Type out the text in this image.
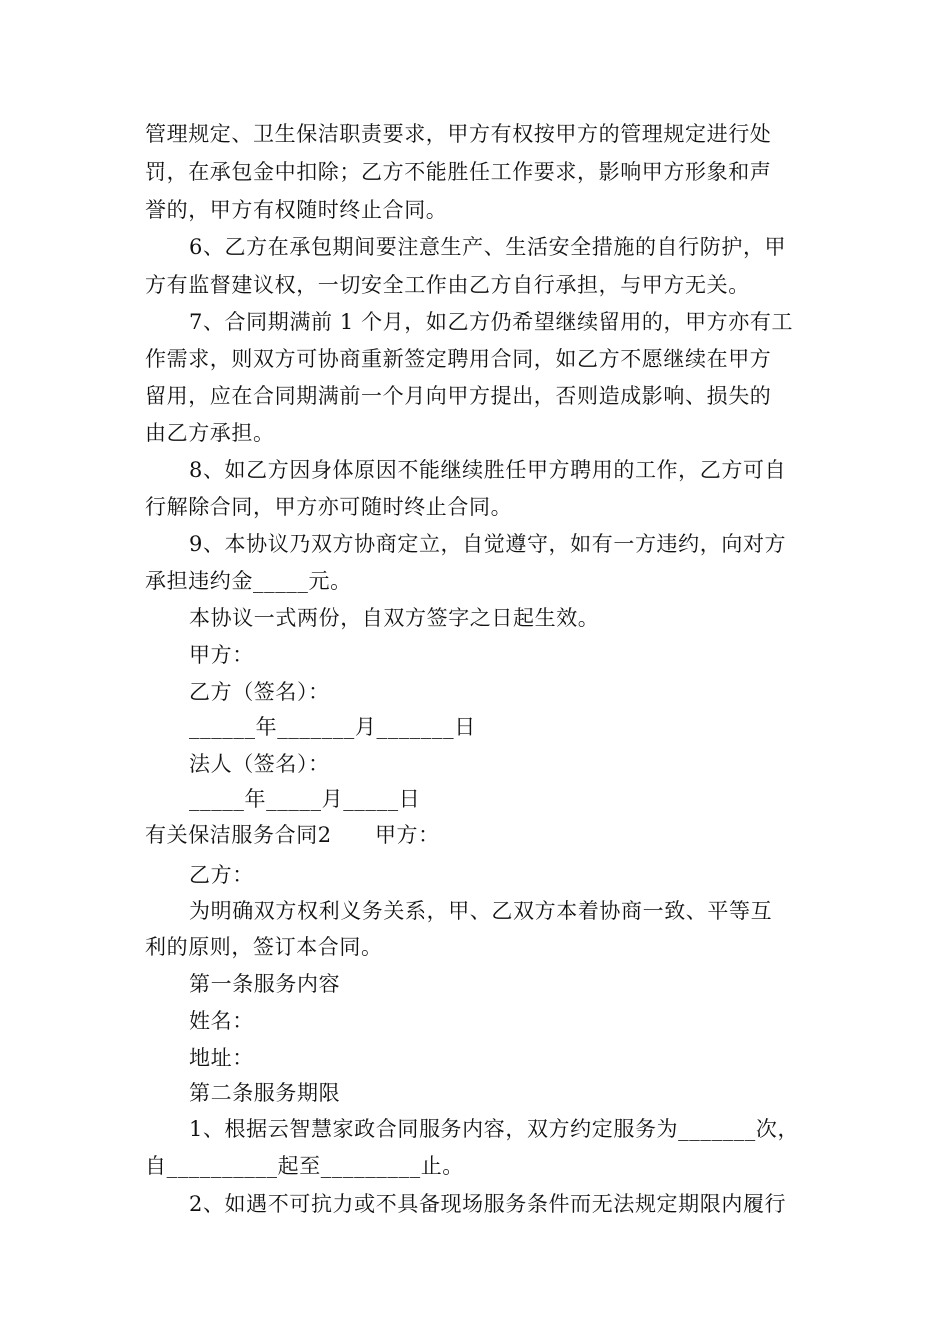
管理规定、卫生保洁职责要求，甲方有权按甲方的管理规定进行处
罚，在承包金中扣除；乙方不能胜任工作要求，影响甲方形象和声
誉的，甲方有权随时终止合同。
6、乙方在承包期间要注意生产、生活安全措施的自行防护，甲
方有监督建议权，一切安全工作由乙方自行承担，与甲方无关。
7、合同期满前 1 个月，如乙方仍希望继续留用的，甲方亦有工
作需求，则双方可协商重新签定聘用合同，如乙方不愿继续在甲方
留用，应在合同期满前一个月向甲方提出，否则造成影响、损失的
由乙方承担。
8、如乙方因身体原因不能继续胜任甲方聘用的工作，乙方可自
行解除合同，甲方亦可随时终止合同。
9、本协议乃双方协商定立，自觉遵守，如有一方违约，向对方
承担违约金_____元。
本协议一式两份，自双方签字之日起生效。
甲方：
乙方（签名）：
______年_______月_______日
法人（签名）：
_____年_____月_____日
有关保洁服务合同2　　甲方：
乙方：
为明确双方权利义务关系，甲、乙双方本着协商一致、平等互
利的原则，签订本合同。
第一条服务内容
姓名：
地址：
第二条服务期限
1、根据云智慧家政合同服务内容，双方约定服务为_______次，
自__________起至_________止。
2、如遇不可抗力或不具备现场服务条件而无法规定期限内履行
